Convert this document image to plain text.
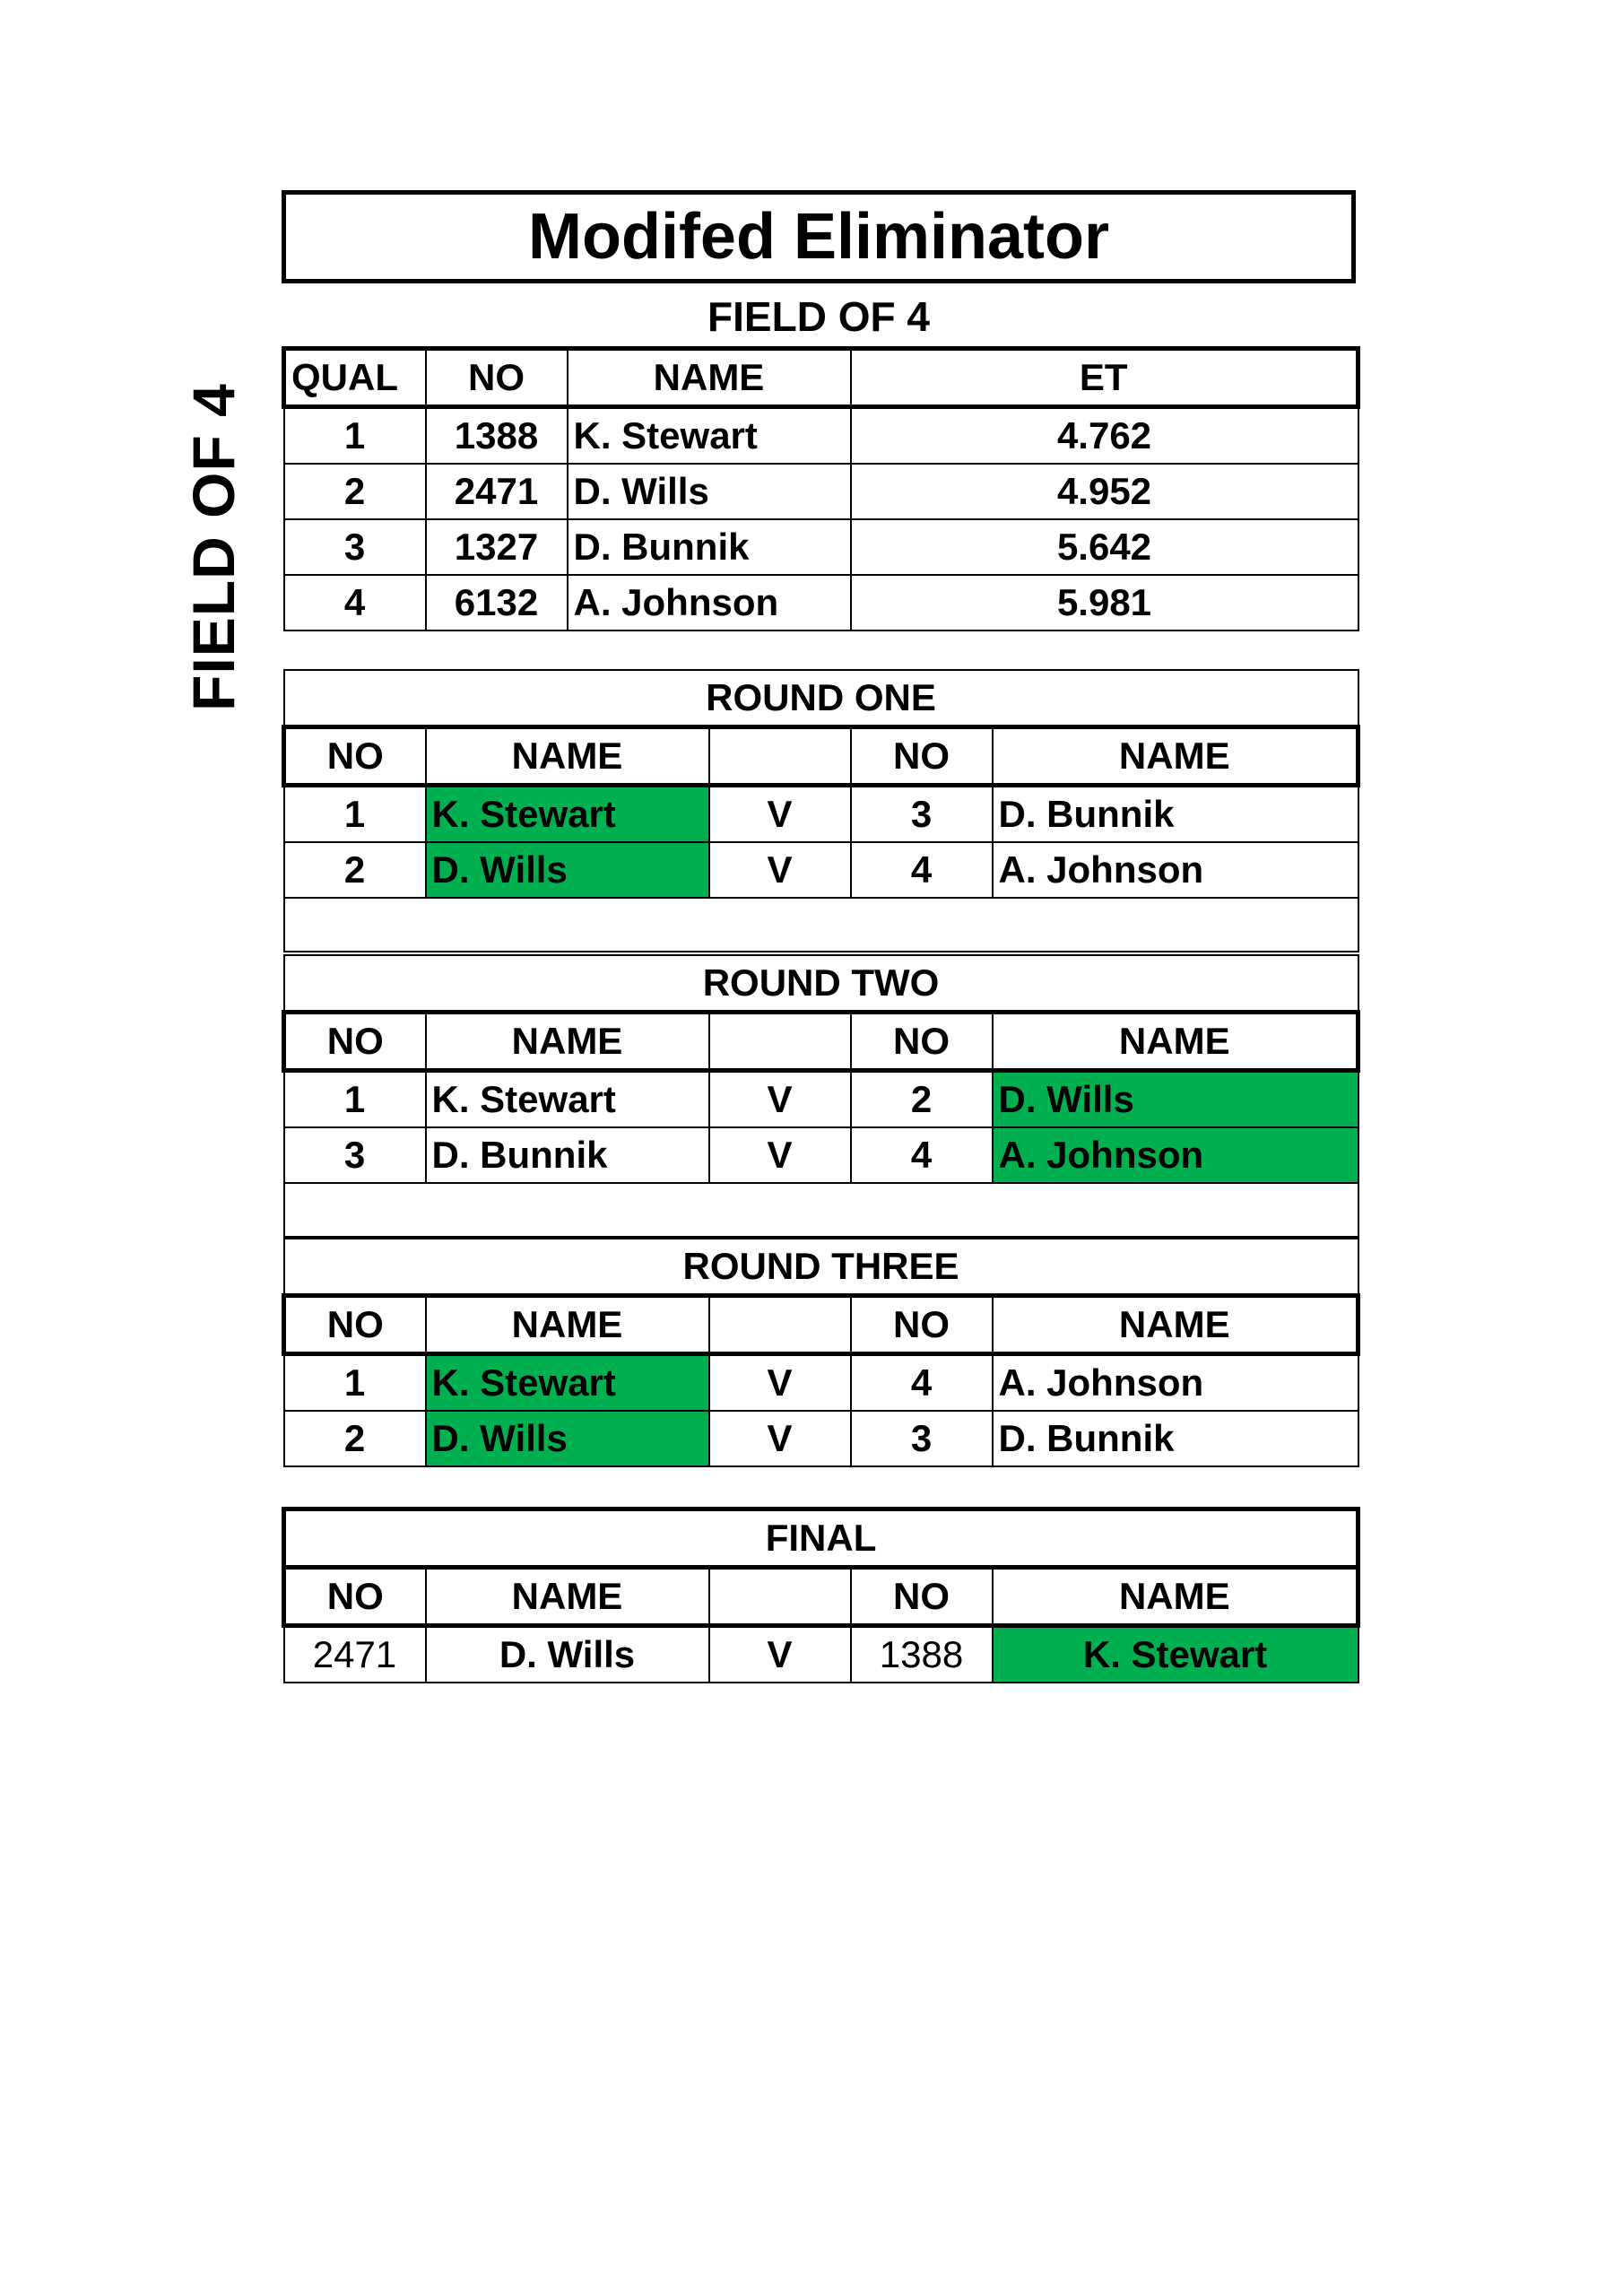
FIELD OF 4
Modifed Eliminator
FIELD OF 4
QUAL	NO	NAME	ET
1	1388	K. Stewart	4.762
2	2471	D. Wills	4.952
3	1327	D. Bunnik	5.642
4	6132	A. Johnson	5.981
ROUND ONE				
NO	NAME		NO	NAME
1	K. Stewart	V	3	D. Bunnik
2	D. Wills	V	4	A. Johnson

ROUND TWO				
NO	NAME		NO	NAME
1	K. Stewart	V	2	D. Wills
3	D. Bunnik	V	4	A. Johnson

ROUND THREE				
NO	NAME		NO	NAME
1	K. Stewart	V	4	A. Johnson
2	D. Wills	V	3	D. Bunnik
FINAL				
NO	NAME		NO	NAME
2471	D. Wills	V	1388	K. Stewart
